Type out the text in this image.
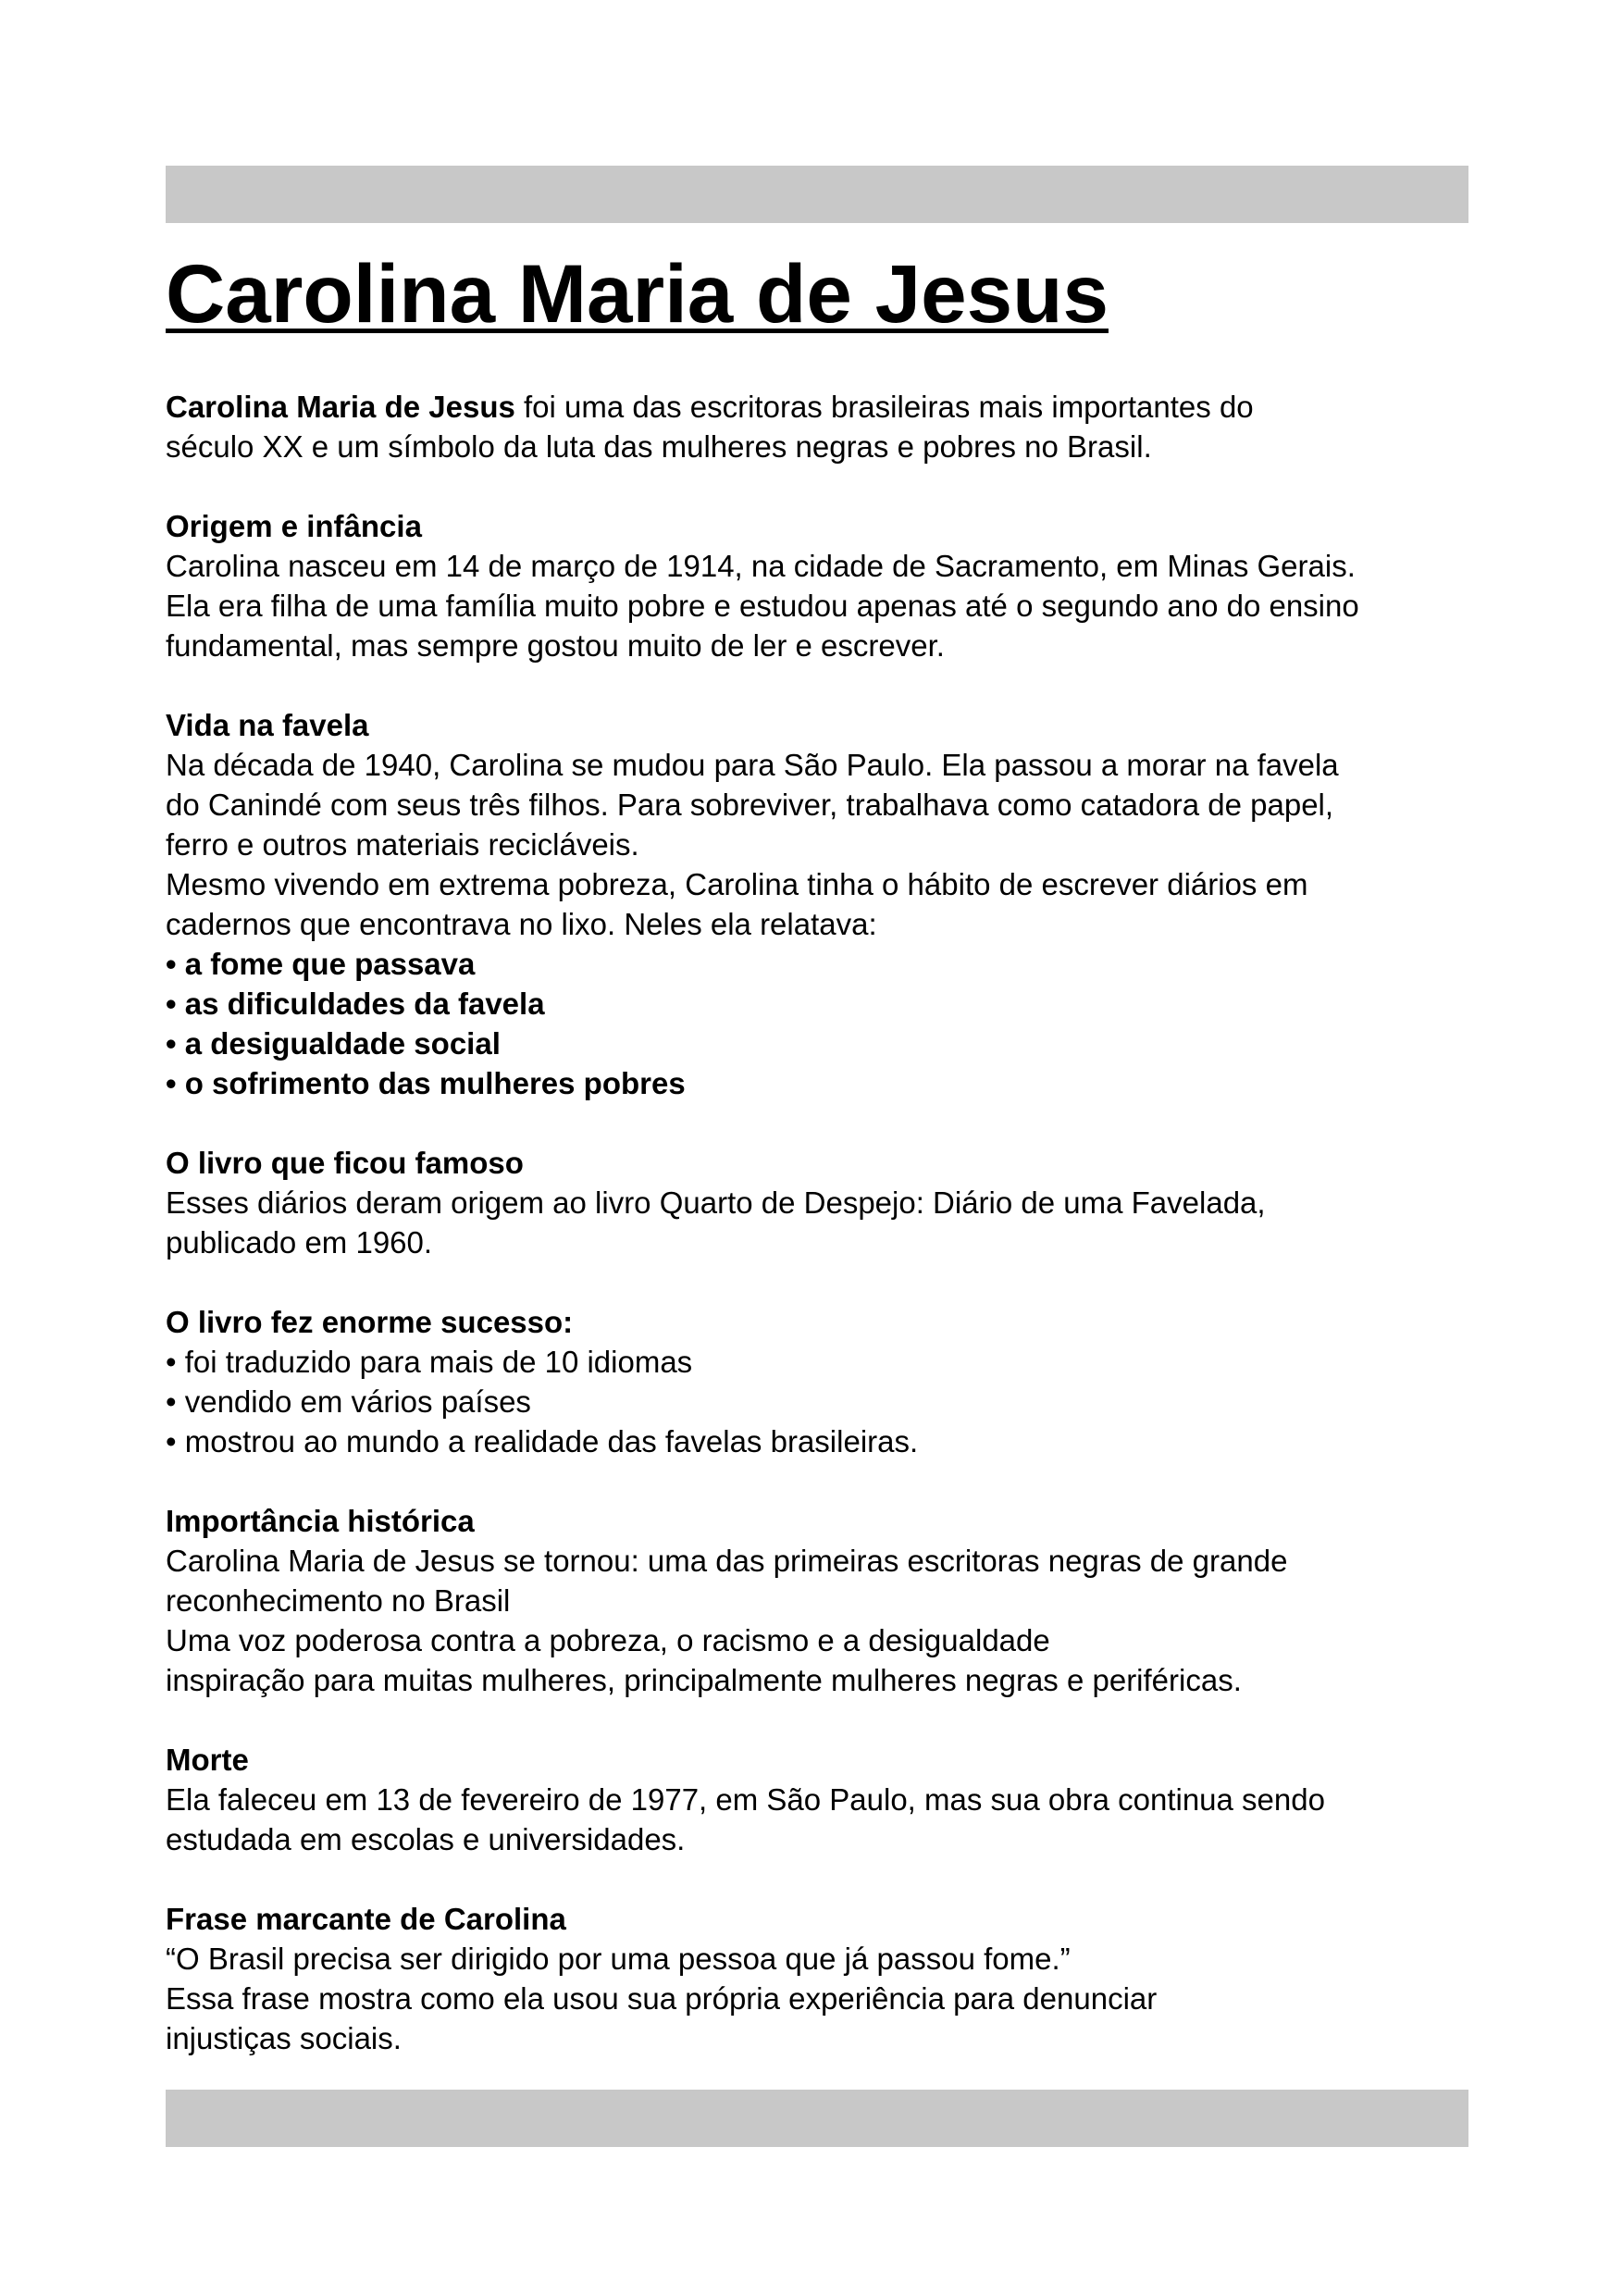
Carolina Maria de Jesus

Carolina Maria de Jesus foi uma das escritoras brasileiras mais importantes do
século XX e um símbolo da luta das mulheres negras e pobres no Brasil.

Origem e infância
Carolina nasceu em 14 de março de 1914, na cidade de Sacramento, em Minas Gerais.
Ela era filha de uma família muito pobre e estudou apenas até o segundo ano do ensino
fundamental, mas sempre gostou muito de ler e escrever.
Vida na favela
Na década de 1940, Carolina se mudou para São Paulo. Ela passou a morar na favela
do Canindé com seus três filhos. Para sobreviver, trabalhava como catadora de papel,
ferro e outros materiais recicláveis.
Mesmo vivendo em extrema pobreza, Carolina tinha o hábito de escrever diários em
cadernos que encontrava no lixo. Neles ela relatava:
• a fome que passava
• as dificuldades da favela
• a desigualdade social
• o sofrimento das mulheres pobres
O livro que ficou famoso
Esses diários deram origem ao livro Quarto de Despejo: Diário de uma Favelada,
publicado em 1960.
O livro fez enorme sucesso:
• foi traduzido para mais de 10 idiomas
• vendido em vários países
• mostrou ao mundo a realidade das favelas brasileiras.
Importância histórica
Carolina Maria de Jesus se tornou: uma das primeiras escritoras negras de grande
reconhecimento no Brasil
Uma voz poderosa contra a pobreza, o racismo e a desigualdade
inspiração para muitas mulheres, principalmente mulheres negras e periféricas.
Morte
Ela faleceu em 13 de fevereiro de 1977, em São Paulo, mas sua obra continua sendo
estudada em escolas e universidades.
Frase marcante de Carolina
“O Brasil precisa ser dirigido por uma pessoa que já passou fome.”
Essa frase mostra como ela usou sua própria experiência para denunciar
injustiças sociais.
